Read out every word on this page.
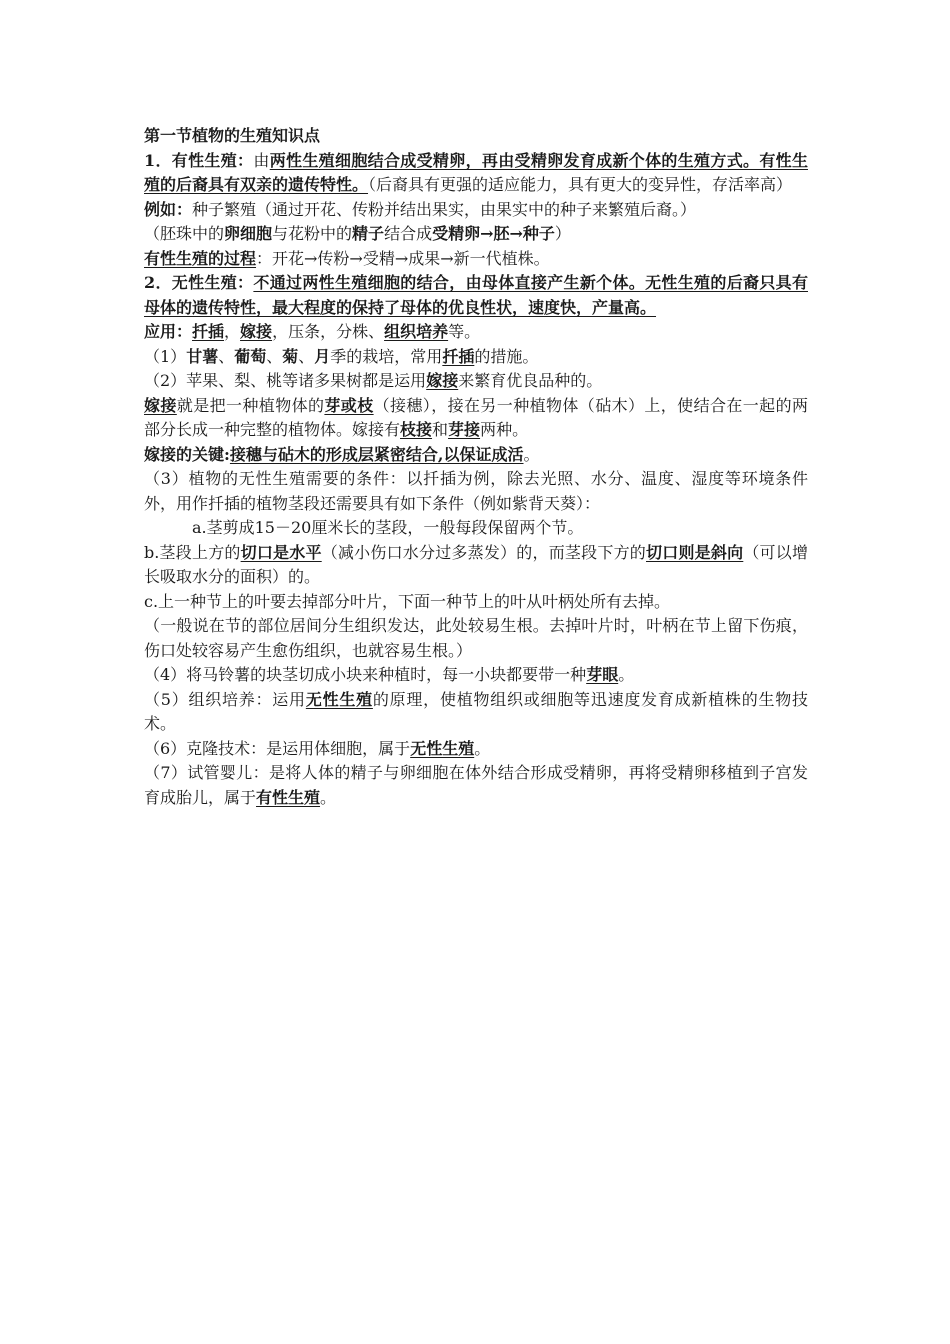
第一节植物的生殖知识点

1．有性生殖：由两性生殖细胞结合成受精卵，再由受精卵发育成新个体的生殖方式。有性生殖的后裔具有双亲的遗传特性。（后裔具有更强的适应能力，具有更大的变异性，存活率高）

例如：种子繁殖（通过开花、传粉并结出果实，由果实中的种子来繁殖后裔。）

（胚珠中的卵细胞与花粉中的精子结合成受精卵→胚→种子）

有性生殖的过程：开花→传粉→受精→成果→新一代植株。

2．无性生殖：不通过两性生殖细胞的结合，由母体直接产生新个体。无性生殖的后裔只具有母体的遗传特性，最大程度的保持了母体的优良性状，速度快，产量高。

应用：扦插，嫁接，压条，分株、组织培养等。

（1）甘薯、葡萄、菊、月季的栽培，常用扦插的措施。

（2）苹果、梨、桃等诸多果树都是运用嫁接来繁育优良品种的。

嫁接就是把一种植物体的芽或枝（接穗），接在另一种植物体（砧木）上，使结合在一起的两部分长成一种完整的植物体。嫁接有枝接和芽接两种。

嫁接的关键:接穗与砧木的形成层紧密结合,以保证成活。

（3）植物的无性生殖需要的条件：以扦插为例，除去光照、水分、温度、湿度等环境条件外，用作扦插的植物茎段还需要具有如下条件（例如紫背天葵）：

a.茎剪成15－20厘米长的茎段，一般每段保留两个节。

b.茎段上方的切口是水平（减小伤口水分过多蒸发）的，而茎段下方的切口则是斜向（可以增长吸取水分的面积）的。

c.上一种节上的叶要去掉部分叶片，下面一种节上的叶从叶柄处所有去掉。

（一般说在节的部位居间分生组织发达，此处较易生根。去掉叶片时，叶柄在节上留下伤痕，伤口处较容易产生愈伤组织，也就容易生根。）

（4）将马铃薯的块茎切成小块来种植时，每一小块都要带一种芽眼。

（5）组织培养：运用无性生殖的原理，使植物组织或细胞等迅速度发育成新植株的生物技术。

（6）克隆技术：是运用体细胞，属于无性生殖。

（7）试管婴儿：是将人体的精子与卵细胞在体外结合形成受精卵，再将受精卵移植到子宫发育成胎儿，属于有性生殖。
